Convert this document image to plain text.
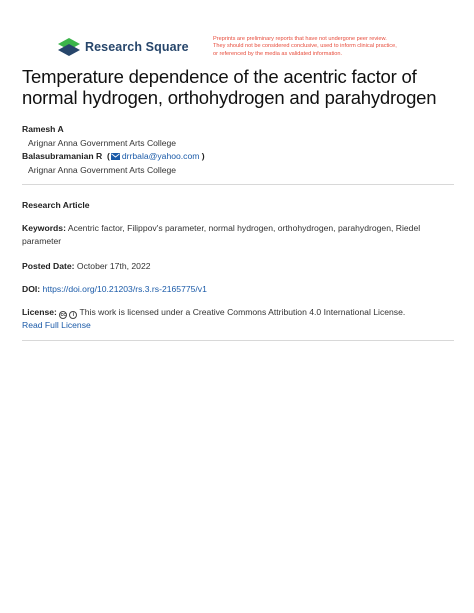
Research Square
Preprints are preliminary reports that have not undergone peer review.
They should not be considered conclusive, used to inform clinical practice,
or referenced by the media as validated information.
Temperature dependence of the acentric factor of normal hydrogen, orthohydrogen and parahydrogen
Ramesh A
Arignar Anna Government Arts College
Balasubramanian R  ( drrbala@yahoo.com )
Arignar Anna Government Arts College
Research Article
Keywords: Acentric factor, Filippov's parameter, normal hydrogen, orthohydrogen, parahydrogen, Riedel parameter
Posted Date: October 17th, 2022
DOI: https://doi.org/10.21203/rs.3.rs-2165775/v1
License: cc	i This work is licensed under a Creative Commons Attribution 4.0 International License.
Read Full License
